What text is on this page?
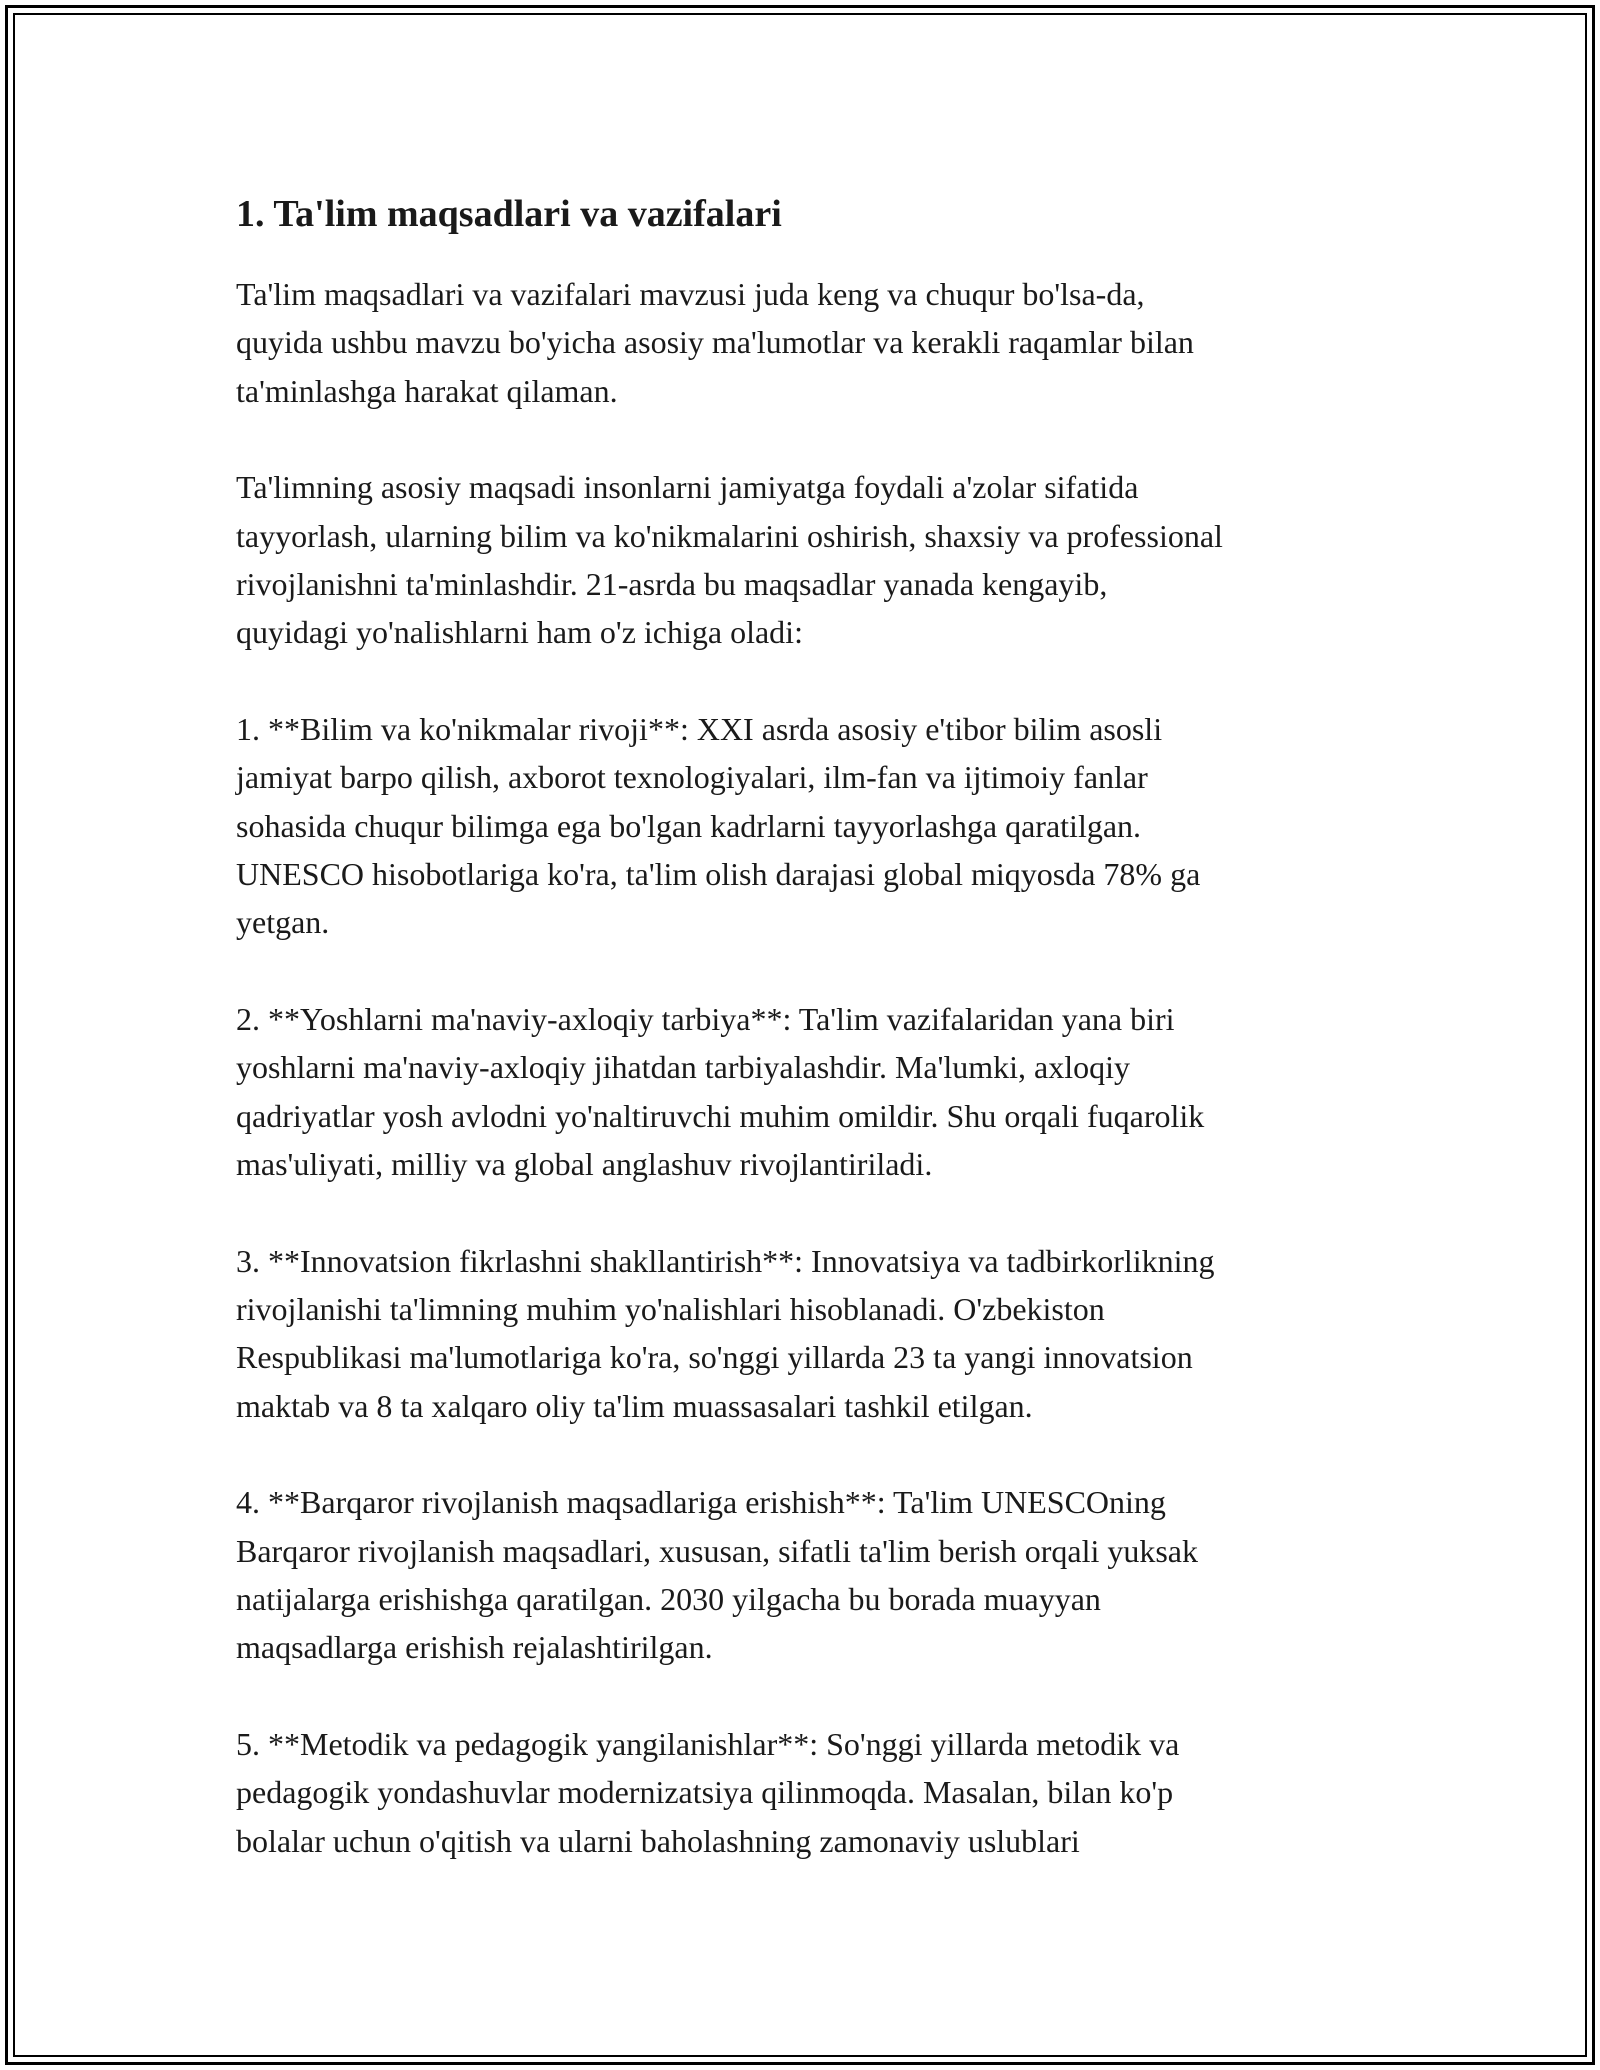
1. Ta'lim maqsadlari va vazifalari

Ta'lim maqsadlari va vazifalari mavzusi juda keng va chuqur bo'lsa-da,
quyida ushbu mavzu bo'yicha asosiy ma'lumotlar va kerakli raqamlar bilan
ta'minlashga harakat qilaman.

Ta'limning asosiy maqsadi insonlarni jamiyatga foydali a'zolar sifatida
tayyorlash, ularning bilim va ko'nikmalarini oshirish, shaxsiy va professional
rivojlanishni ta'minlashdir. 21-asrda bu maqsadlar yanada kengayib,
quyidagi yo'nalishlarni ham o'z ichiga oladi:

1. **Bilim va ko'nikmalar rivoji**: XXI asrda asosiy e'tibor bilim asosli
jamiyat barpo qilish, axborot texnologiyalari, ilm-fan va ijtimoiy fanlar
sohasida chuqur bilimga ega bo'lgan kadrlarni tayyorlashga qaratilgan.
UNESCO hisobotlariga ko'ra, ta'lim olish darajasi global miqyosda 78% ga
yetgan.

2. **Yoshlarni ma'naviy-axloqiy tarbiya**: Ta'lim vazifalaridan yana biri
yoshlarni ma'naviy-axloqiy jihatdan tarbiyalashdir. Ma'lumki, axloqiy
qadriyatlar yosh avlodni yo'naltiruvchi muhim omildir. Shu orqali fuqarolik
mas'uliyati, milliy va global anglashuv rivojlantiriladi.

3. **Innovatsion fikrlashni shakllantirish**: Innovatsiya va tadbirkorlikning
rivojlanishi ta'limning muhim yo'nalishlari hisoblanadi. O'zbekiston
Respublikasi ma'lumotlariga ko'ra, so'nggi yillarda 23 ta yangi innovatsion
maktab va 8 ta xalqaro oliy ta'lim muassasalari tashkil etilgan.

4. **Barqaror rivojlanish maqsadlariga erishish**: Ta'lim UNESCOning
Barqaror rivojlanish maqsadlari, xususan, sifatli ta'lim berish orqali yuksak
natijalarga erishishga qaratilgan. 2030 yilgacha bu borada muayyan
maqsadlarga erishish rejalashtirilgan.

5. **Metodik va pedagogik yangilanishlar**: So'nggi yillarda metodik va
pedagogik yondashuvlar modernizatsiya qilinmoqda. Masalan, bilan ko'p
bolalar uchun o'qitish va ularni baholashning zamonaviy uslublari
